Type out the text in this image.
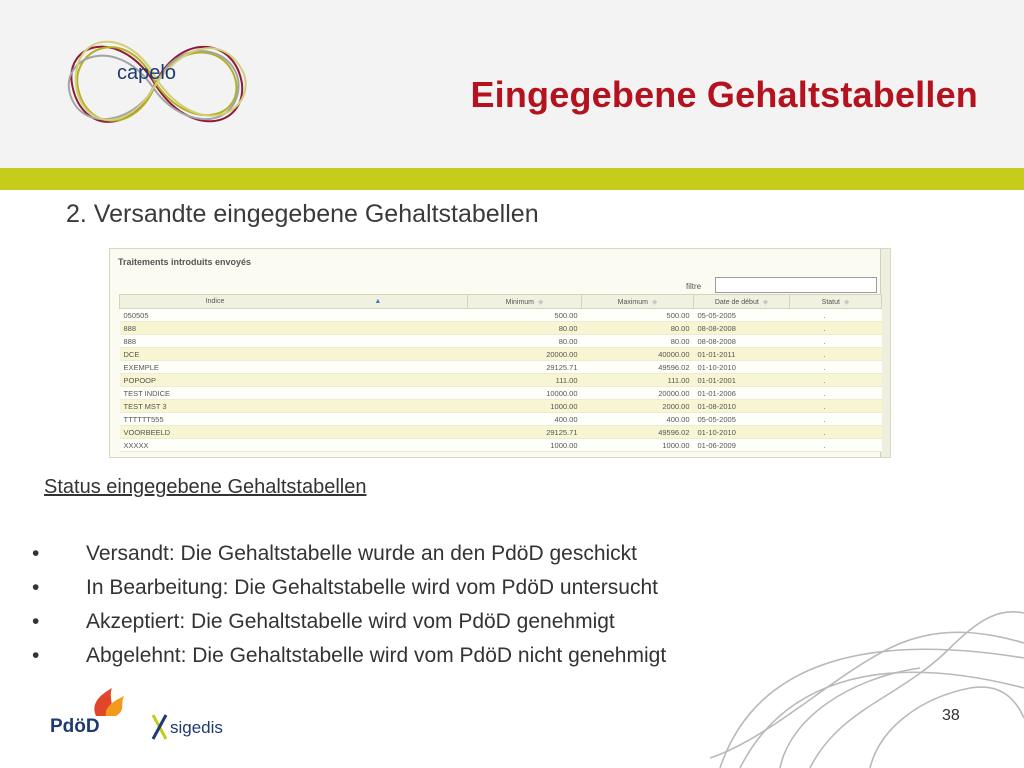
capelo
Eingegebene Gehaltstabellen
2. Versandte eingegebene Gehaltstabellen
Traitements introduits envoyés
filtre
Indice ▲	Minimum ◆	Maximum ◆	Date de début ◆	Statut ◆
050505	500.00	500.00	05-05-2005	.
888	80.00	80.00	08-08-2008	.
888	80.00	80.00	08-08-2008	.
DCE	20000.00	40000.00	01-01-2011	.
EXEMPLE	29125.71	49596.02	01-10-2010	.
POPOOP	111.00	111.00	01-01-2001	.
TEST INDICE	10000.00	20000.00	01-01-2006	.
TEST MST 3	1000.00	2000.00	01-08-2010	.
TTTTTT555	400.00	400.00	05-05-2005	.
VOORBEELD	29125.71	49596.02	01-10-2010	.
XXXXX	1000.00	1000.00	01-06-2009	.
Status eingegebene Gehaltstabellen
• Versandt: Die Gehaltstabelle wurde an den PdöD geschickt
• In Bearbeitung: Die Gehaltstabelle wird vom PdöD untersucht
• Akzeptiert: Die Gehaltstabelle wird vom PdöD genehmigt
• Abgelehnt: Die Gehaltstabelle wird vom PdöD nicht genehmigt
38
PdöD	sigedis
